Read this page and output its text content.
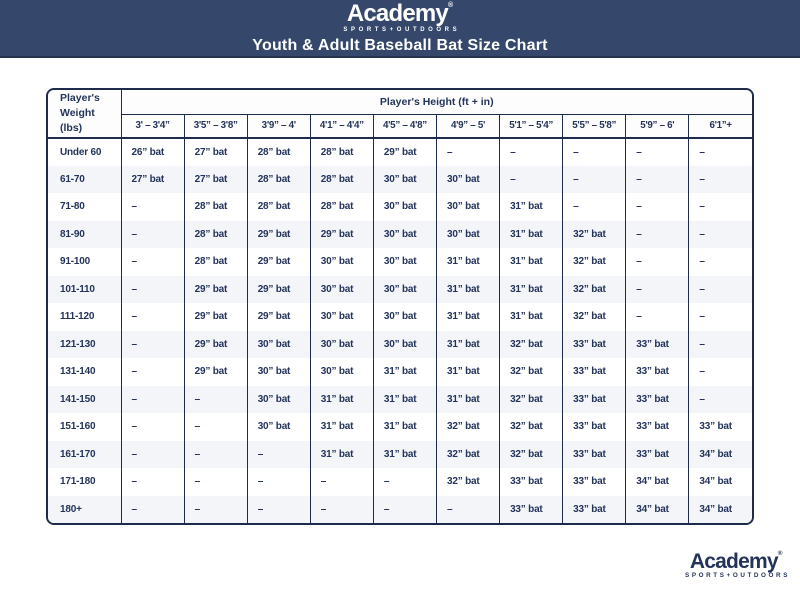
Academy®
SPORTS+OUTDOORS
Youth & Adult Baseball Bat Size Chart
Player's Weight (lbs)	Player's Height (ft + in)									
	3' – 3'4”	3'5” – 3'8”	3'9” – 4'	4'1” – 4'4”	4'5” – 4'8”	4'9” – 5'	5'1” – 5'4”	5'5” – 5'8”	5'9” – 6'	6'1”+
Under 60	26” bat	27” bat	28” bat	28” bat	29” bat	–	–	–	–	–
61-70	27” bat	27” bat	28” bat	28” bat	30” bat	30” bat	–	–	–	–
71-80	–	28” bat	28” bat	28” bat	30” bat	30” bat	31” bat	–	–	–
81-90	–	28” bat	29” bat	29” bat	30” bat	30” bat	31” bat	32” bat	–	–
91-100	–	28” bat	29” bat	30” bat	30” bat	31” bat	31” bat	32” bat	–	–
101-110	–	29” bat	29” bat	30” bat	30” bat	31” bat	31” bat	32” bat	–	–
111-120	–	29” bat	29” bat	30” bat	30” bat	31” bat	31” bat	32” bat	–	–
121-130	–	29” bat	30” bat	30” bat	30” bat	31” bat	32” bat	33” bat	33” bat	–
131-140	–	29” bat	30” bat	30” bat	31” bat	31” bat	32” bat	33” bat	33” bat	–
141-150	–	–	30” bat	31” bat	31” bat	31” bat	32” bat	33” bat	33” bat	–
151-160	–	–	30” bat	31” bat	31” bat	32” bat	32” bat	33” bat	33” bat	33” bat
161-170	–	–	–	31” bat	31” bat	32” bat	32” bat	33” bat	33” bat	34” bat
171-180	–	–	–	–	–	32” bat	33” bat	33” bat	34” bat	34” bat
180+	–	–	–	–	–	–	33” bat	33” bat	34” bat	34” bat
Academy®
SPORTS+OUTDOORS
